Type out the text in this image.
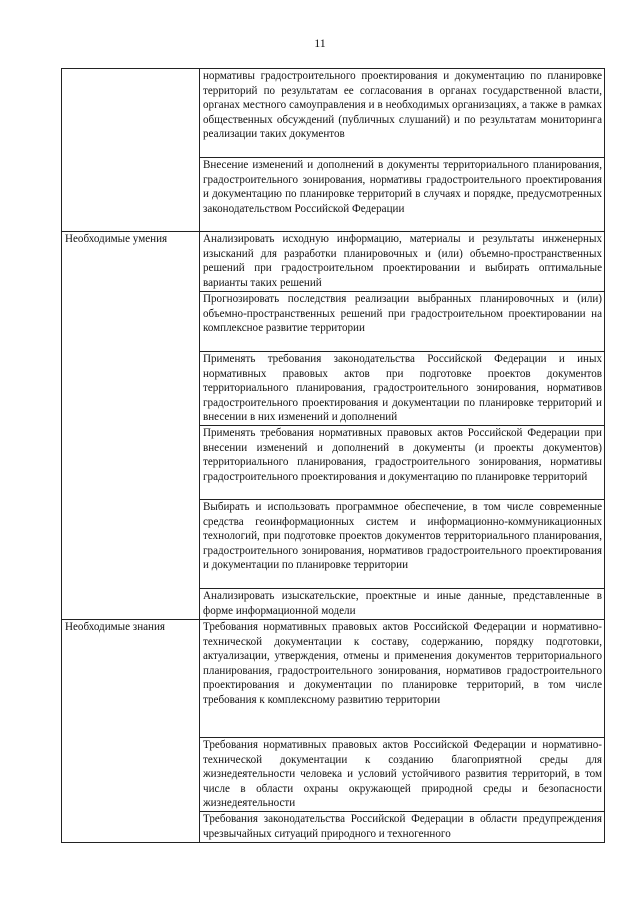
11
	нормативы градостроительного проектирования и документацию по планировке территорий по результатам ее согласования в органах государственной власти, органах местного самоуправления и в необходимых организациях, а также в рамках общественных обсуждений (публичных слушаний) и по результатам мониторинга реализации таких документов
	Внесение изменений и дополнений в документы территориального планирования, градостроительного зонирования, нормативы градостроительного проектирования и документацию по планировке территорий в случаях и порядке, предусмотренных законодательством Российской Федерации
Необходимые умения	Анализировать исходную информацию, материалы и результаты инженерных изысканий для разработки планировочных и (или) объемно-пространственных решений при градостроительном проектировании и выбирать оптимальные варианты таких решений
	Прогнозировать последствия реализации выбранных планировочных и (или) объемно-пространственных решений при градостроительном проектировании на комплексное развитие территории
	Применять требования законодательства Российской Федерации и иных нормативных правовых актов при подготовке проектов документов территориального планирования, градостроительного зонирования, нормативов градостроительного проектирования и документации по планировке территорий и внесении в них изменений и дополнений
	Применять требования нормативных правовых актов Российской Федерации при внесении изменений и дополнений в документы (и проекты документов) территориального планирования, градостроительного зонирования, нормативы градостроительного проектирования и документацию по планировке территорий
	Выбирать и использовать программное обеспечение, в том числе современные средства геоинформационных систем и информационно-коммуникационных технологий, при подготовке проектов документов территориального планирования, градостроительного зонирования, нормативов градостроительного проектирования и документации по планировке территории
	Анализировать изыскательские, проектные и иные данные, представленные в форме информационной модели
Необходимые знания	Требования нормативных правовых актов Российской Федерации и нормативно-технической документации к составу, содержанию, порядку подготовки, актуализации, утверждения, отмены и применения документов территориального планирования, градостроительного зонирования, нормативов градостроительного проектирования и документации по планировке территорий, в том числе требования к комплексному развитию территории
	Требования нормативных правовых актов Российской Федерации и нормативно-технической документации к созданию благоприятной среды для жизнедеятельности человека и условий устойчивого развития территорий, в том числе в области охраны окружающей природной среды и безопасности жизнедеятельности
	Требования законодательства Российской Федерации в области предупреждения чрезвычайных ситуаций природного и техногенного
